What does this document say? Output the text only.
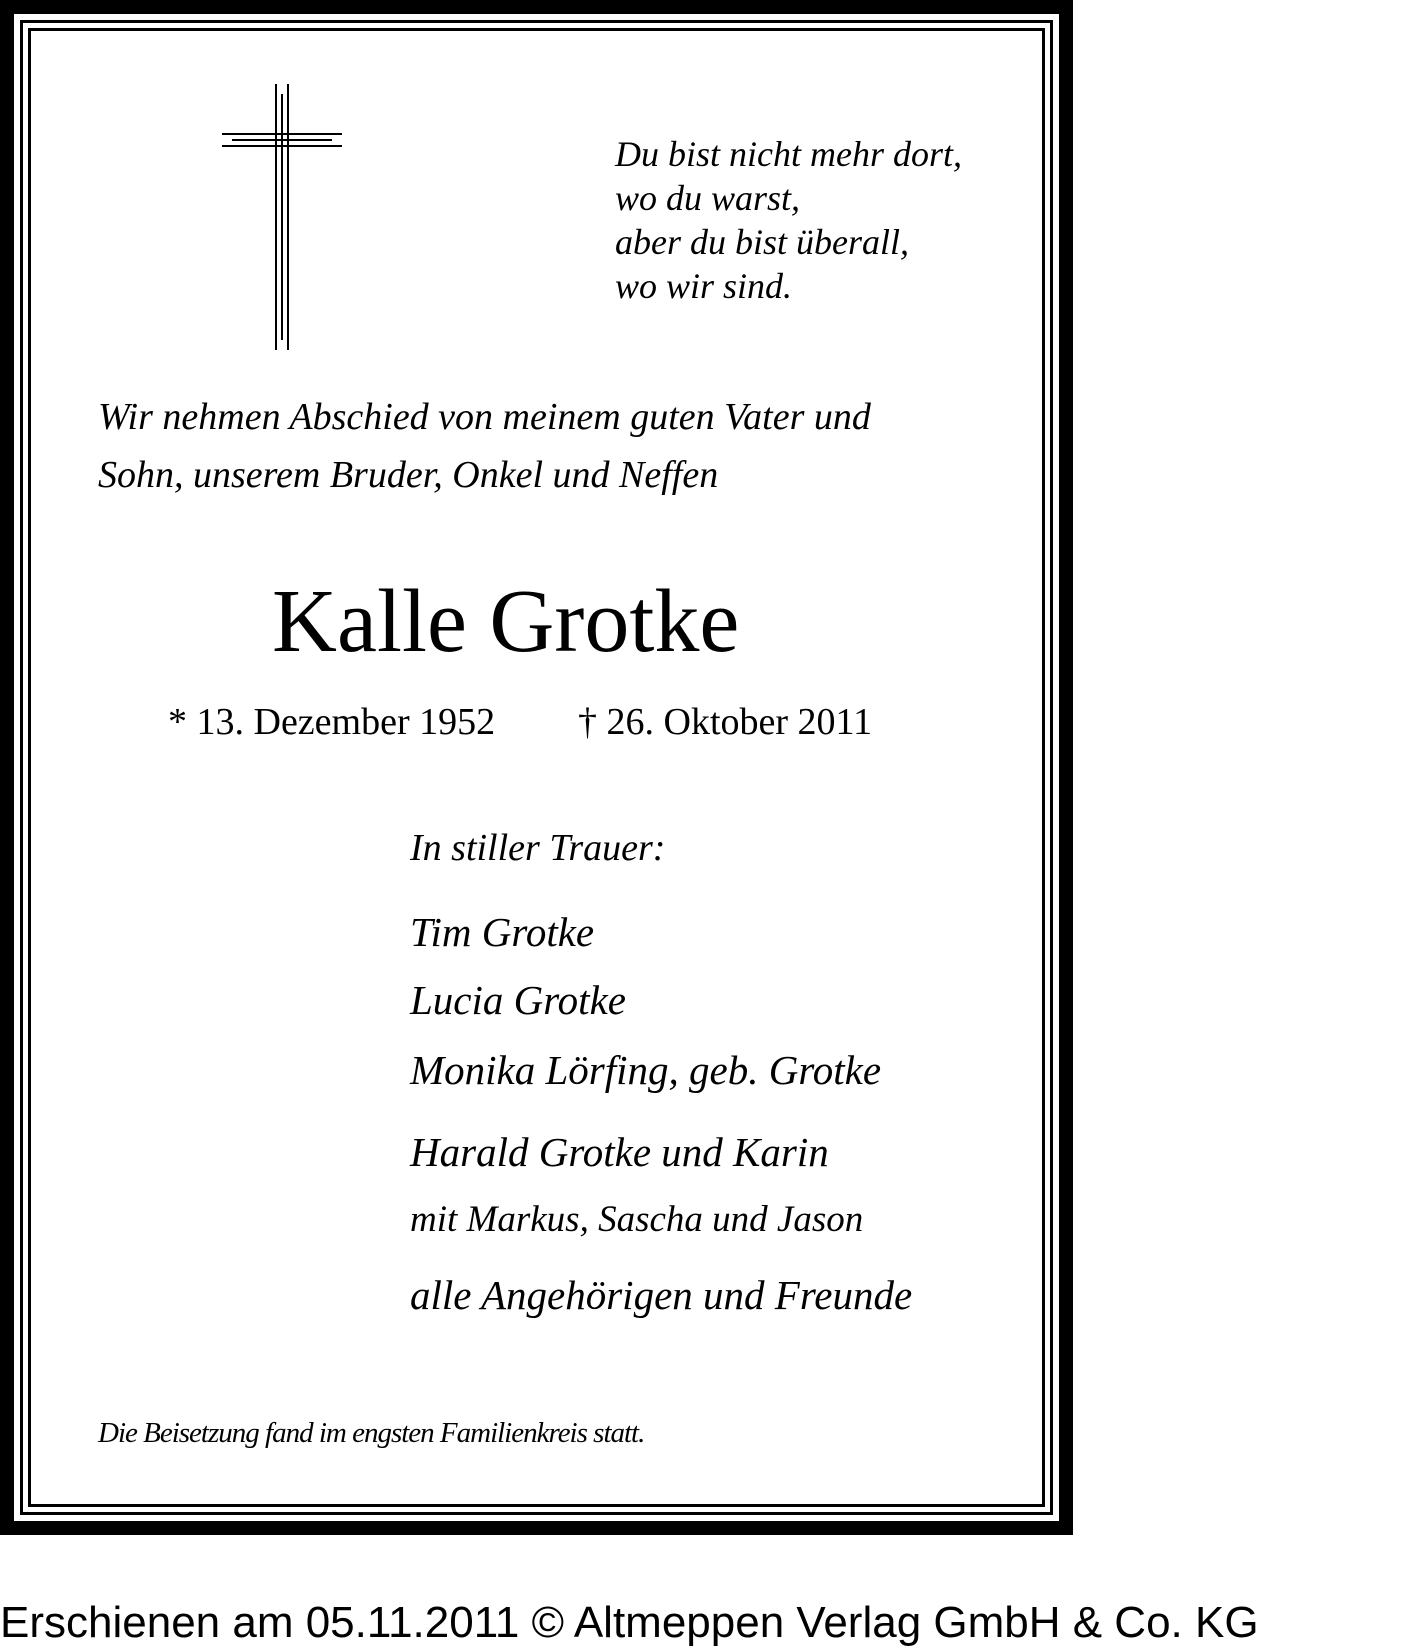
Du bist nicht mehr dort,
wo du warst,
aber du bist überall,
wo wir sind.
Wir nehmen Abschied von meinem guten Vater und
Sohn, unserem Bruder, Onkel und Neffen
Kalle Grotke
* 13. Dezember 1952 † 26. Oktober 2011
In stiller Trauer:
Tim Grotke
Lucia Grotke
Monika Lörfing, geb. Grotke
Harald Grotke und Karin
mit Markus, Sascha und Jason
alle Angehörigen und Freunde
Die Beisetzung fand im engsten Familienkreis statt.
Erschienen am 05.11.2011 © Altmeppen Verlag GmbH & Co. KG
